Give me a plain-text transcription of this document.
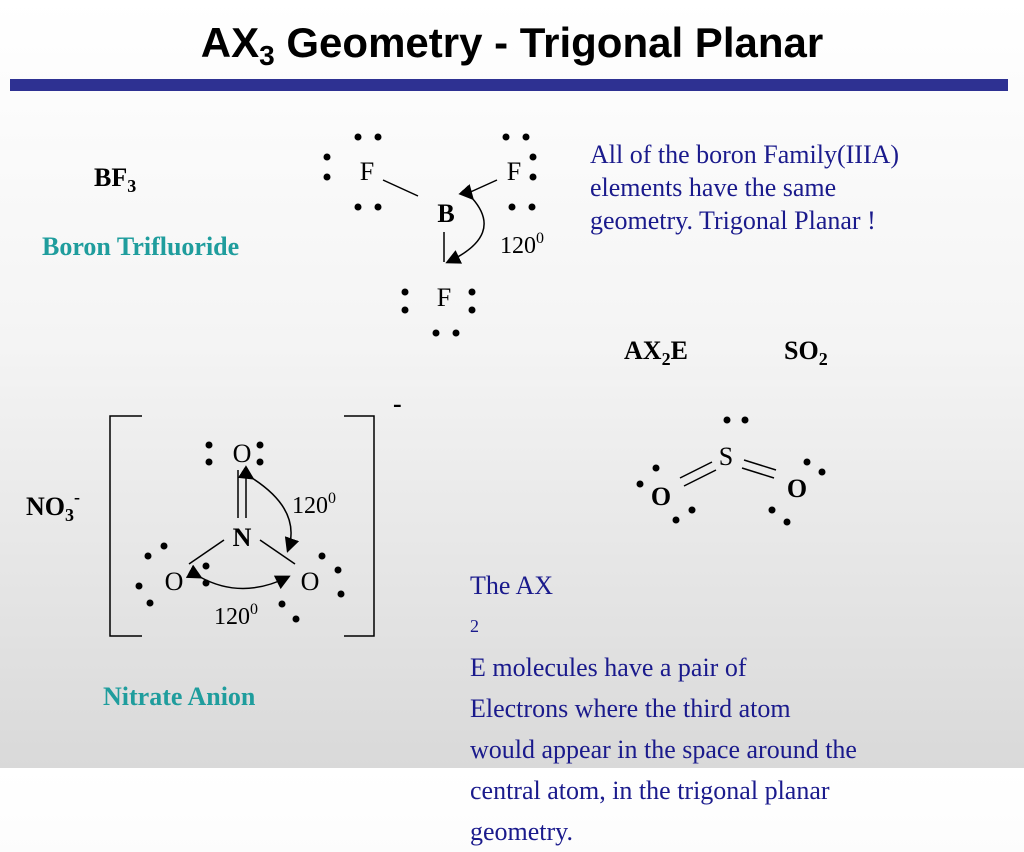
$AX_3$ Geometry - Trigonal Planar
$BF_3$
Boron Trifluoride
All of the boron Family(IIIA)
elements have the same
geometry. Trigonal Planar !
$AX_2E$	$SO_2$
$NO_3^-$
Nitrate Anion
The AX
2
E molecules have a pair of
Electrons where the third atom
would appear in the space around the
central atom, in the trigonal planar
geometry.
F	F
B
F
$120^0$
S
O	O
-
O
N
O	O
$120^0$
$120^0$
